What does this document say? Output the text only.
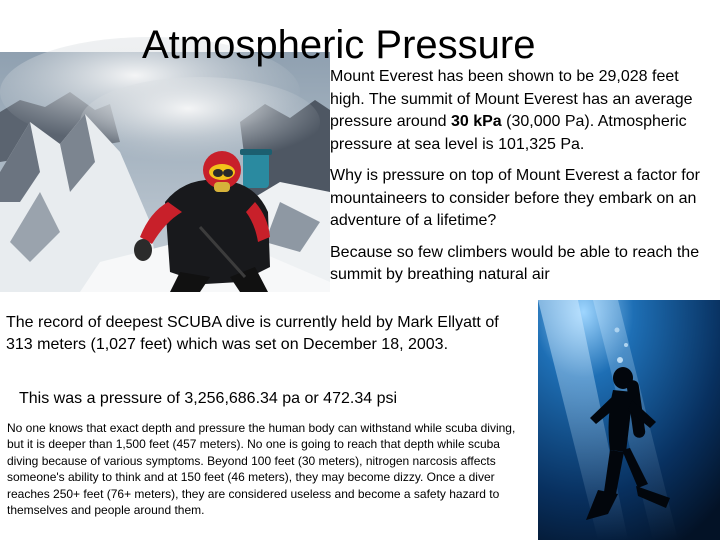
Atmospheric Pressure

Mount Everest has been shown to be 29,028 feet high. The summit of Mount Everest has an average pressure around 30 kPa (30,000 Pa). Atmospheric pressure at sea level is 101,325 Pa.

Why is pressure on top of Mount Everest a factor for mountaineers to consider before they embark on an adventure of a lifetime?

Because so few climbers would be able to reach the summit by breathing natural air

The record of deepest SCUBA dive is currently held by Mark Ellyatt of 313 meters (1,027 feet) which was set on December 18, 2003.
This was a pressure of 3,256,686.34 pa or 472.34 psi
No one knows that exact depth and pressure the human body can withstand while scuba diving, but it is deeper than 1,500 feet (457 meters). No one is going to reach that depth while scuba diving because of various symptoms. Beyond 100 feet (30 meters), nitrogen narcosis affects someone's ability to think and at 150 feet (46 meters), they may become dizzy. Once a diver reaches 250+ feet (76+ meters), they are considered useless and become a safety hazard to themselves and people around them.
